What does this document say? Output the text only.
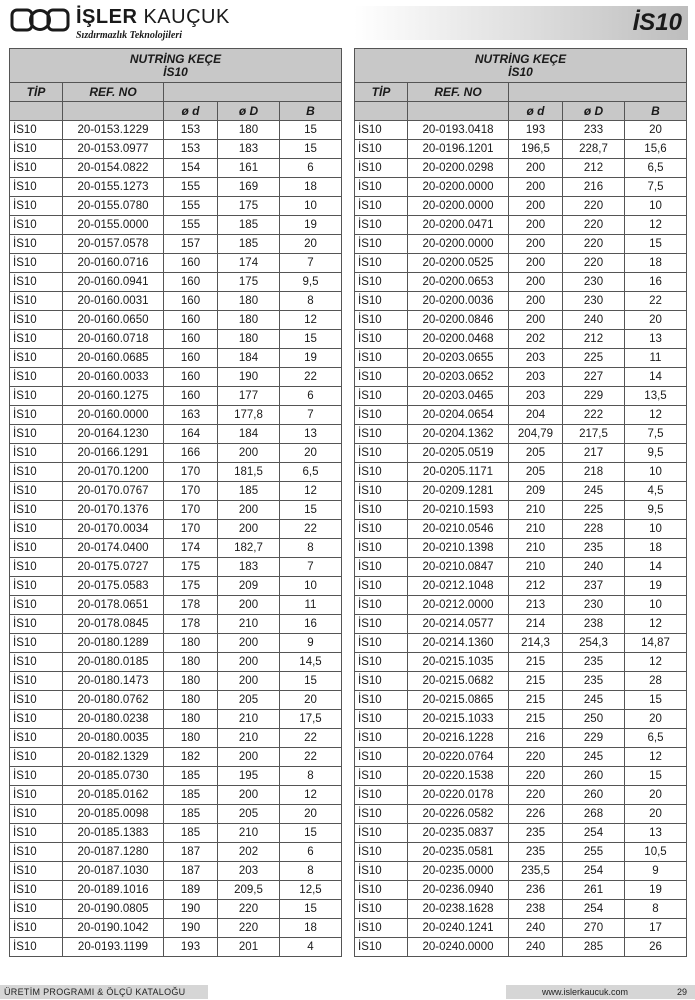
İŞLER KAUÇUK
Sızdırmazlık Teknolojileri	İS10
NUTRİNG KEÇE
İS10				

TİP	REF. NO			
		ø d	ø D	B
İS10	20-0153.1229	153	180	15
İS10	20-0153.0977	153	183	15
İS10	20-0154.0822	154	161	6
İS10	20-0155.1273	155	169	18
İS10	20-0155.0780	155	175	10
İS10	20-0155.0000	155	185	19
İS10	20-0157.0578	157	185	20
İS10	20-0160.0716	160	174	7
İS10	20-0160.0941	160	175	9,5
İS10	20-0160.0031	160	180	8
İS10	20-0160.0650	160	180	12
İS10	20-0160.0718	160	180	15
İS10	20-0160.0685	160	184	19
İS10	20-0160.0033	160	190	22
İS10	20-0160.1275	160	177	6
İS10	20-0160.0000	163	177,8	7
İS10	20-0164.1230	164	184	13
İS10	20-0166.1291	166	200	20
İS10	20-0170.1200	170	181,5	6,5
İS10	20-0170.0767	170	185	12
İS10	20-0170.1376	170	200	15
İS10	20-0170.0034	170	200	22
İS10	20-0174.0400	174	182,7	8
İS10	20-0175.0727	175	183	7
İS10	20-0175.0583	175	209	10
İS10	20-0178.0651	178	200	11
İS10	20-0178.0845	178	210	16
İS10	20-0180.1289	180	200	9
İS10	20-0180.0185	180	200	14,5
İS10	20-0180.1473	180	200	15
İS10	20-0180.0762	180	205	20
İS10	20-0180.0238	180	210	17,5
İS10	20-0180.0035	180	210	22
İS10	20-0182.1329	182	200	22
İS10	20-0185.0730	185	195	8
İS10	20-0185.0162	185	200	12
İS10	20-0185.0098	185	205	20
İS10	20-0185.1383	185	210	15
İS10	20-0187.1280	187	202	6
İS10	20-0187.1030	187	203	8
İS10	20-0189.1016	189	209,5	12,5
İS10	20-0190.0805	190	220	15
İS10	20-0190.1042	190	220	18
İS10	20-0193.1199	193	201	4
NUTRİNG KEÇE
İS10				

TİP	REF. NO			
		ø d	ø D	B
İS10	20-0193.0418	193	233	20
İS10	20-0196.1201	196,5	228,7	15,6
İS10	20-0200.0298	200	212	6,5
İS10	20-0200.0000	200	216	7,5
İS10	20-0200.0000	200	220	10
İS10	20-0200.0471	200	220	12
İS10	20-0200.0000	200	220	15
İS10	20-0200.0525	200	220	18
İS10	20-0200.0653	200	230	16
İS10	20-0200.0036	200	230	22
İS10	20-0200.0846	200	240	20
İS10	20-0200.0468	202	212	13
İS10	20-0203.0655	203	225	11
İS10	20-0203.0652	203	227	14
İS10	20-0203.0465	203	229	13,5
İS10	20-0204.0654	204	222	12
İS10	20-0204.1362	204,79	217,5	7,5
İS10	20-0205.0519	205	217	9,5
İS10	20-0205.1171	205	218	10
İS10	20-0209.1281	209	245	4,5
İS10	20-0210.1593	210	225	9,5
İS10	20-0210.0546	210	228	10
İS10	20-0210.1398	210	235	18
İS10	20-0210.0847	210	240	14
İS10	20-0212.1048	212	237	19
İS10	20-0212.0000	213	230	10
İS10	20-0214.0577	214	238	12
İS10	20-0214.1360	214,3	254,3	14,87
İS10	20-0215.1035	215	235	12
İS10	20-0215.0682	215	235	28
İS10	20-0215.0865	215	245	15
İS10	20-0215.1033	215	250	20
İS10	20-0216.1228	216	229	6,5
İS10	20-0220.0764	220	245	12
İS10	20-0220.1538	220	260	15
İS10	20-0220.0178	220	260	20
İS10	20-0226.0582	226	268	20
İS10	20-0235.0837	235	254	13
İS10	20-0235.0581	235	255	10,5
İS10	20-0235.0000	235,5	254	9
İS10	20-0236.0940	236	261	19
İS10	20-0238.1628	238	254	8
İS10	20-0240.1241	240	270	17
İS10	20-0240.0000	240	285	26
ÜRETİM PROGRAMI & ÖLÇÜ KATALOĞU	www.islerkaucuk.com	29
